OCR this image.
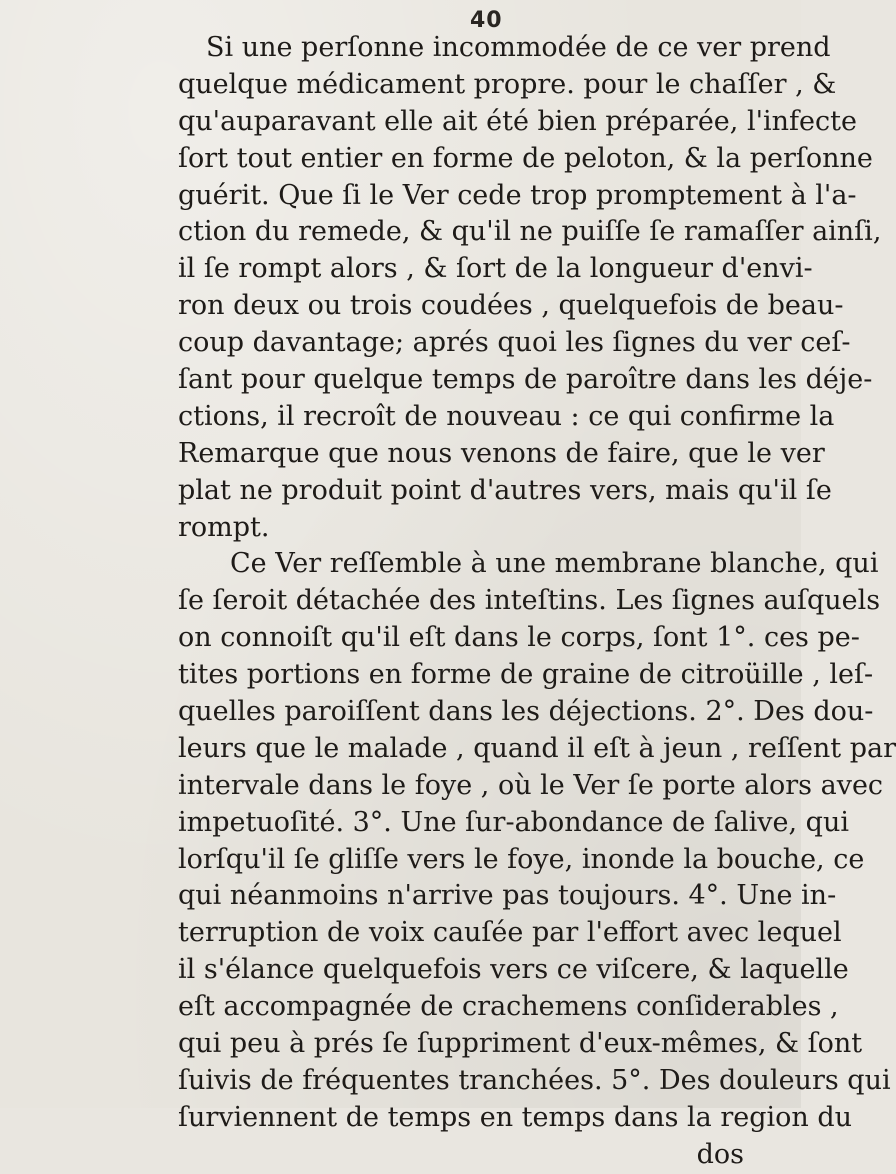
40
Si une perſonne incommodée de ce ver prend
quelque médicament propre. pour le chaſſer , &
qu'auparavant elle ait été bien préparée, l'infecte
ſort tout entier en forme de peloton, & la perſonne
guérit. Que ſi le Ver cede trop promptement à l'a-
ction du remede, & qu'il ne puiſſe ſe ramaſſer ainſi,
il ſe rompt alors , & ſort de la longueur d'envi-
ron deux ou trois coudées , quelquefois de beau-
coup davantage; aprés quoi les ſignes du ver ceſ-
ſant pour quelque temps de paroître dans les déje-
ctions, il recroît de nouveau : ce qui confirme la
Remarque que nous venons de faire, que le ver
plat ne produit point d'autres vers, mais qu'il ſe
rompt.
Ce Ver reſſemble à une membrane blanche, qui
ſe ſeroit détachée des inteſtins. Les ſignes auſquels
on connoiſt qu'il eſt dans le corps, ſont 1°. ces pe-
tites portions en forme de graine de citroüille , leſ-
quelles paroiſſent dans les déjections. 2°. Des dou-
leurs que le malade , quand il eſt à jeun , reſſent par
intervale dans le foye , où le Ver ſe porte alors avec
impetuoſité. 3°. Une ſur-abondance de ſalive, qui
lorſqu'il ſe gliſſe vers le foye, inonde la bouche, ce
qui néanmoins n'arrive pas toujours. 4°. Une in-
terruption de voix cauſée par l'effort avec lequel
il s'élance quelquefois vers ce viſcere, & laquelle
eſt accompagnée de crachemens conſiderables ,
qui peu à prés ſe ſuppriment d'eux-mêmes, & ſont
ſuivis de fréquentes tranchées. 5°. Des douleurs qui
ſurviennent de temps en temps dans la region du
dos
